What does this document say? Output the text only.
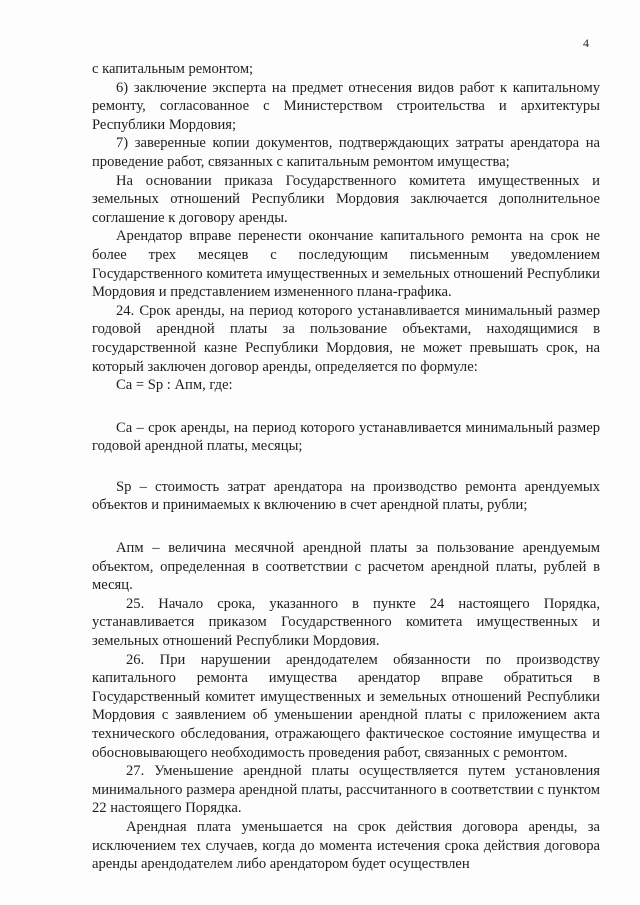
4

с капитальным ремонтом;

6) заключение эксперта на предмет отнесения видов работ к капитальному ремонту, согласованное с Министерством строительства и архитектуры Республики Мордовия;

7) заверенные копии документов, подтверждающих затраты арендатора на проведение работ, связанных с капитальным ремонтом имущества;

На основании приказа Государственного комитета имущественных и земельных отношений Республики Мордовия заключается дополнительное соглашение к договору аренды.

Арендатор вправе перенести окончание капитального ремонта на срок не более трех месяцев с последующим письменным уведомлением Государственного комитета имущественных и земельных отношений Республики Мордовия и представлением измененного плана-графика.

24. Срок аренды, на период которого устанавливается минимальный размер годовой арендной платы за пользование объектами, находящимися в государственной казне Республики Мордовия, не может превышать срок, на который заключен договор аренды, определяется по формуле:

Са = Sр : Апм, где:

Са – срок аренды, на период которого устанавливается минимальный размер годовой арендной платы, месяцы;

Sр – стоимость затрат арендатора на производство ремонта арендуемых объектов и принимаемых к включению в счет арендной платы, рубли;

Апм – величина месячной арендной платы за пользование арендуемым объектом, определенная в соответствии с расчетом арендной платы, рублей в месяц.

25. Начало срока, указанного в пункте 24 настоящего Порядка, устанавливается приказом Государственного комитета имущественных и земельных отношений Республики Мордовия.

26. При нарушении арендодателем обязанности по производству капитального ремонта имущества арендатор вправе обратиться в Государственный комитет имущественных и земельных отношений Республики Мордовия с заявлением об уменьшении арендной платы с приложением акта технического обследования, отражающего фактическое состояние имущества и обосновывающего необходимость проведения работ, связанных с ремонтом.

27. Уменьшение арендной платы осуществляется путем установления минимального размера арендной платы, рассчитанного в соответствии с пунктом 22 настоящего Порядка.

Арендная плата уменьшается на срок действия договора аренды, за исключением тех случаев, когда до момента истечения срока действия договора аренды арендодателем либо арендатором будет осуществлен
